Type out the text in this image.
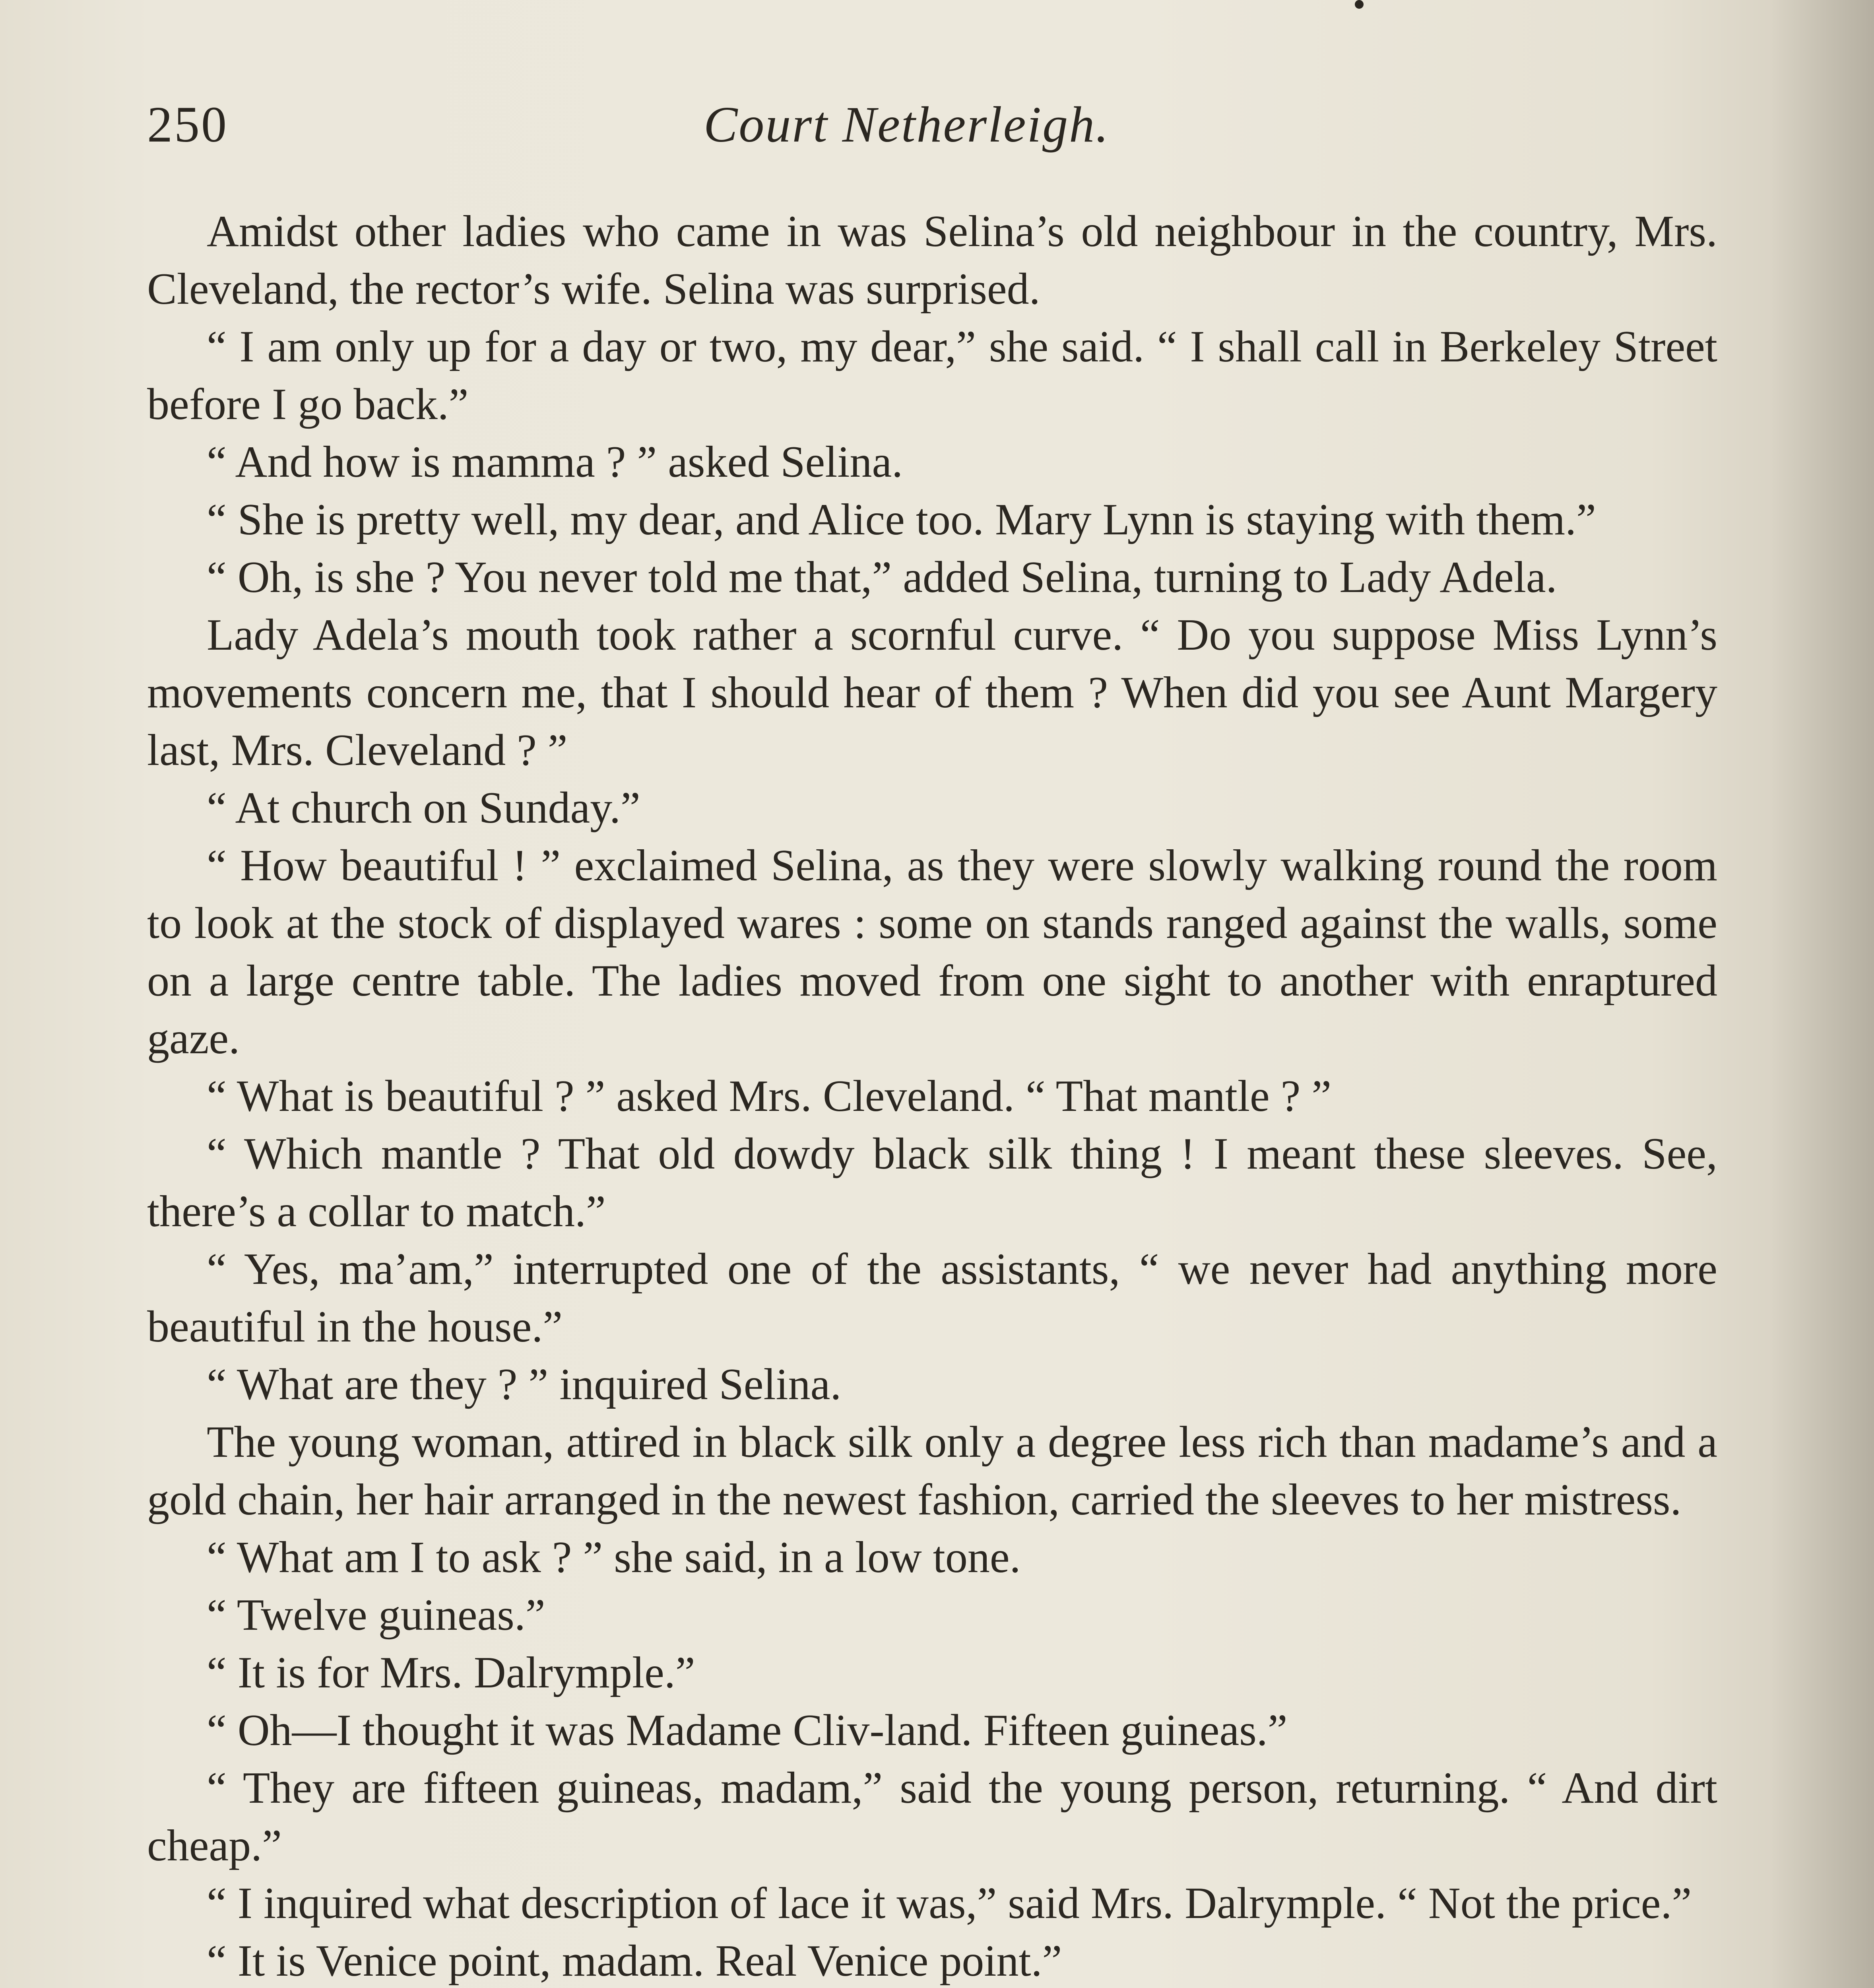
250	Court Netherleigh.

Amidst other ladies who came in was Selina’s old neighbour in the country, Mrs. Cleveland, the rector’s wife. Selina was surprised.

“ I am only up for a day or two, my dear,” she said. “ I shall call in Berkeley Street before I go back.”

“ And how is mamma ? ” asked Selina.

“ She is pretty well, my dear, and Alice too. Mary Lynn is staying with them.”

“ Oh, is she ? You never told me that,” added Selina, turning to Lady Adela.

Lady Adela’s mouth took rather a scornful curve. “ Do you suppose Miss Lynn’s movements concern me, that I should hear of them ? When did you see Aunt Margery last, Mrs. Cleveland ? ”

“ At church on Sunday.”

“ How beautiful ! ” exclaimed Selina, as they were slowly walking round the room to look at the stock of displayed wares : some on stands ranged against the walls, some on a large centre table. The ladies moved from one sight to another with enraptured gaze.

“ What is beautiful ? ” asked Mrs. Cleveland. “ That mantle ? ”

“ Which mantle ? That old dowdy black silk thing ! I meant these sleeves. See, there’s a collar to match.”

“ Yes, ma’am,” interrupted one of the assistants, “ we never had anything more beautiful in the house.”

“ What are they ? ” inquired Selina.

The young woman, attired in black silk only a degree less rich than madame’s and a gold chain, her hair arranged in the newest fashion, carried the sleeves to her mistress.

“ What am I to ask ? ” she said, in a low tone.

“ Twelve guineas.”

“ It is for Mrs. Dalrymple.”

“ Oh—I thought it was Madame Cliv-land. Fifteen guineas.”

“ They are fifteen guineas, madam,” said the young person, returning. “ And dirt cheap.”

“ I inquired what description of lace it was,” said Mrs. Dalrymple. “ Not the price.”

“ It is Venice point, madam. Real Venice point.”
